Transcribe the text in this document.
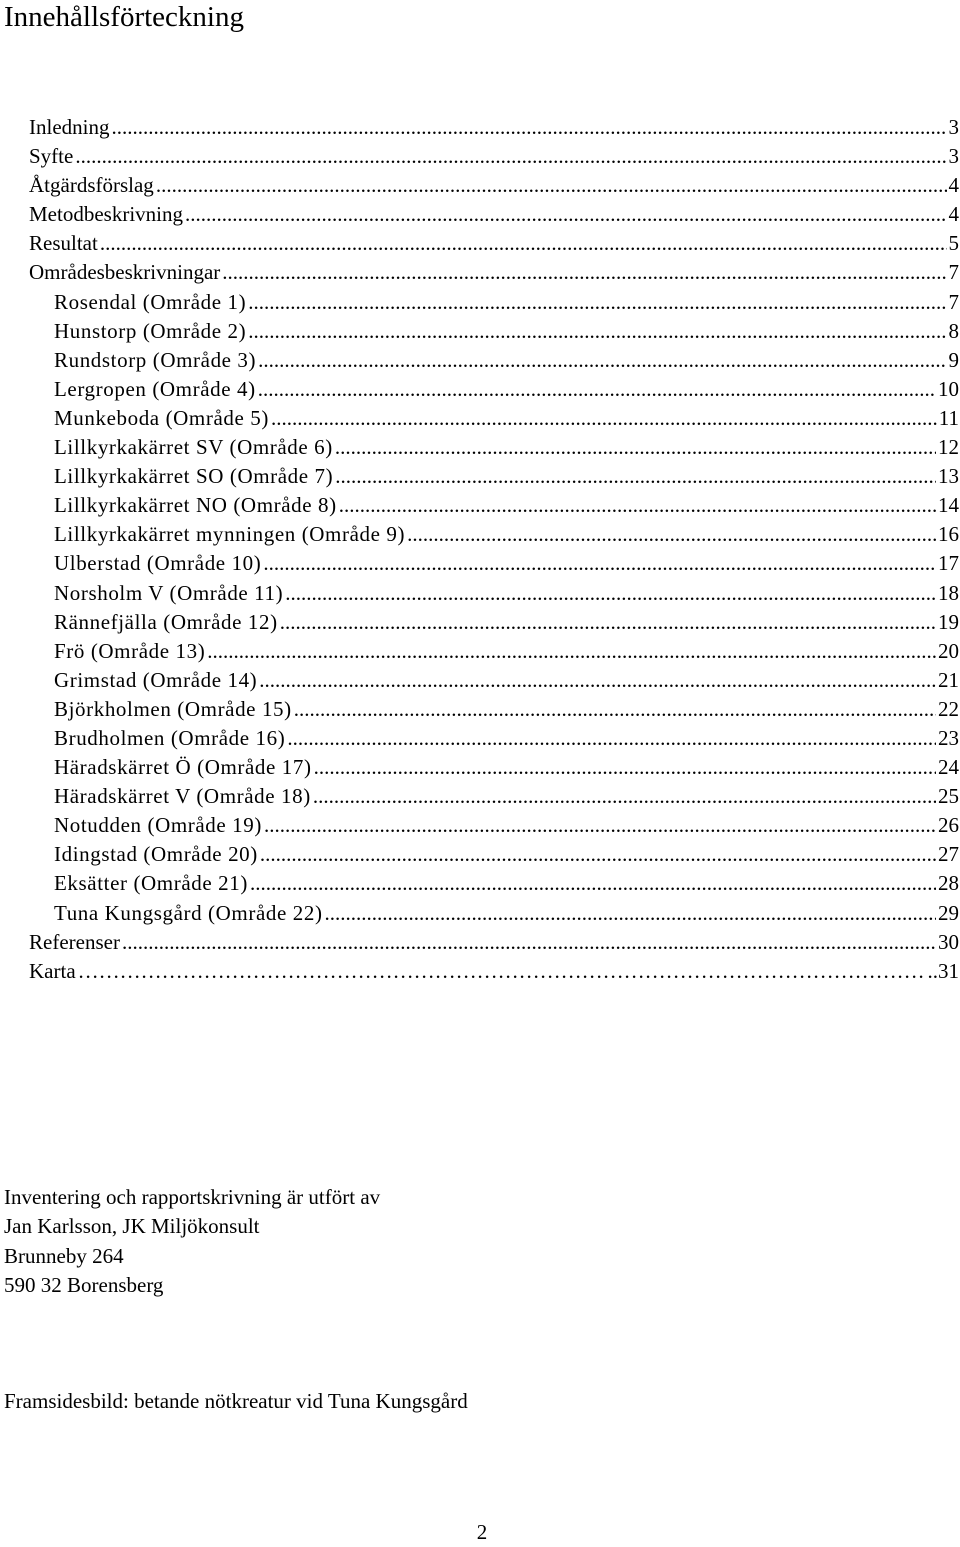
Innehållsförteckning
Inledning .....	3
Syfte .....	3
Åtgärdsförslag .....	4
Metodbeskrivning .....	4
Resultat .....	5
Områdesbeskrivningar .....	7
Rosendal (Område 1) .....	7
Hunstorp (Område 2) .....	8
Rundstorp (Område 3) .....	9
Lergropen (Område 4) .....	10
Munkeboda (Område 5) .....	11
Lillkyrkakärret SV (Område 6) .....	12
Lillkyrkakärret SO (Område 7) .....	13
Lillkyrkakärret NO (Område 8) .....	14
Lillkyrkakärret mynningen (Område 9) .....	16
Ulberstad (Område 10) .....	17
Norsholm V (Område 11) .....	18
Rännefjälla (Område 12) .....	19
Frö (Område 13) .....	20
Grimstad (Område 14) .....	21
Björkholmen (Område 15) .....	22
Brudholmen (Område 16) .....	23
Häradskärret Ö (Område 17) .....	24
Häradskärret V (Område 18) .....	25
Notudden (Område 19) .....	26
Idingstad (Område 20) .....	27
Eksätter (Område 21) .....	28
Tuna Kungsgård (Område 22) .....	29
Referenser .....	30
Karta ……………………………………………………………………………………………………………………………………………………………………………………………………………	..31
Inventering och rapportskrivning är utfört av
Jan Karlsson, JK Miljökonsult
Brunneby 264
590 32 Borensberg

Framsidesbild: betande nötkreatur vid Tuna Kungsgård

2
